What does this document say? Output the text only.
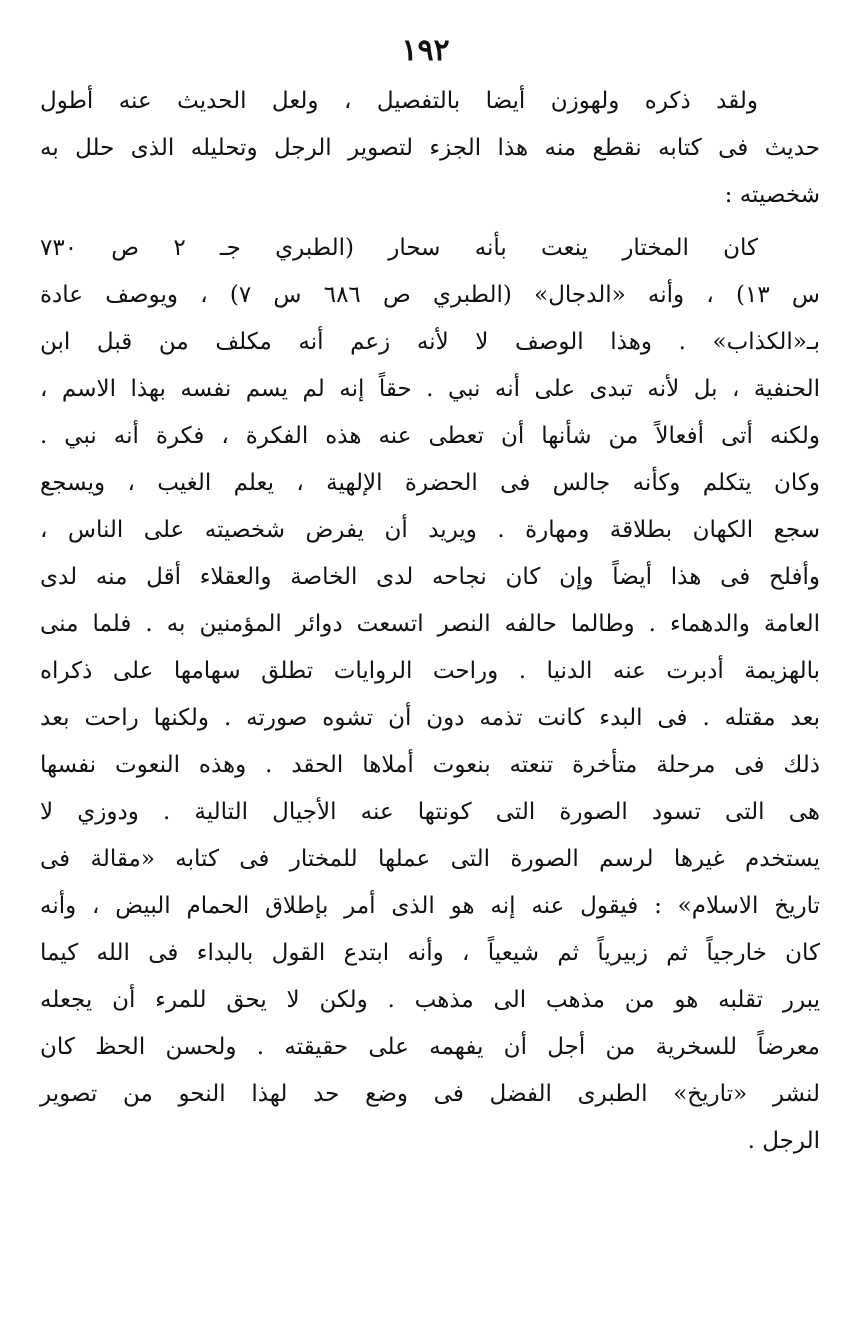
١٩٢
ولقد ذكره ولهوزن أيضا بالتفصيل ، ولعل الحديث عنه أطول
حديث فى كتابه نقطع منه هذا الجزء لتصوير الرجل وتحليله الذى حلل به
شخصيته :
كان المختار ينعت بأنه سحار (الطبري جـ ٢ ص ٧٣٠
س ١٣) ، وأنه «الدجال» (الطبري ص ٦٨٦ س ٧) ، ويوصف عادة
بـ«الكذاب» . وهذا الوصف لا لأنه زعم أنه مكلف من قبل ابن
الحنفية ، بل لأنه تبدى على أنه نبي . حقاً إنه لم يسم نفسه بهذا الاسم ،
ولكنه أتى أفعالاً من شأنها أن تعطى عنه هذه الفكرة ، فكرة أنه نبي .
وكان يتكلم وكأنه جالس فى الحضرة الإلهية ، يعلم الغيب ، ويسجع
سجع الكهان بطلاقة ومهارة . ويريد أن يفرض شخصيته على الناس ،
وأفلح فى هذا أيضاً وإن كان نجاحه لدى الخاصة والعقلاء أقل منه لدى
العامة والدهماء . وطالما حالفه النصر اتسعت دوائر المؤمنين به . فلما منى
بالهزيمة أدبرت عنه الدنيا . وراحت الروايات تطلق سهامها على ذكراه
بعد مقتله . فى البدء كانت تذمه دون أن تشوه صورته . ولكنها راحت بعد
ذلك فى مرحلة متأخرة تنعته بنعوت أملاها الحقد . وهذه النعوت نفسها
هى التى تسود الصورة التى كونتها عنه الأجيال التالية . ودوزي لا
يستخدم غيرها لرسم الصورة التى عملها للمختار فى كتابه «مقالة فى
تاريخ الاسلام» : فيقول عنه إنه هو الذى أمر بإطلاق الحمام البيض ، وأنه
كان خارجياً ثم زبيرياً ثم شيعياً ، وأنه ابتدع القول بالبداء فى الله كيما
يبرر تقلبه هو من مذهب الى مذهب . ولكن لا يحق للمرء أن يجعله
معرضاً للسخرية من أجل أن يفهمه على حقيقته . ولحسن الحظ كان
لنشر «تاريخ» الطبرى الفضل فى وضع حد لهذا النحو من تصوير
الرجل .
